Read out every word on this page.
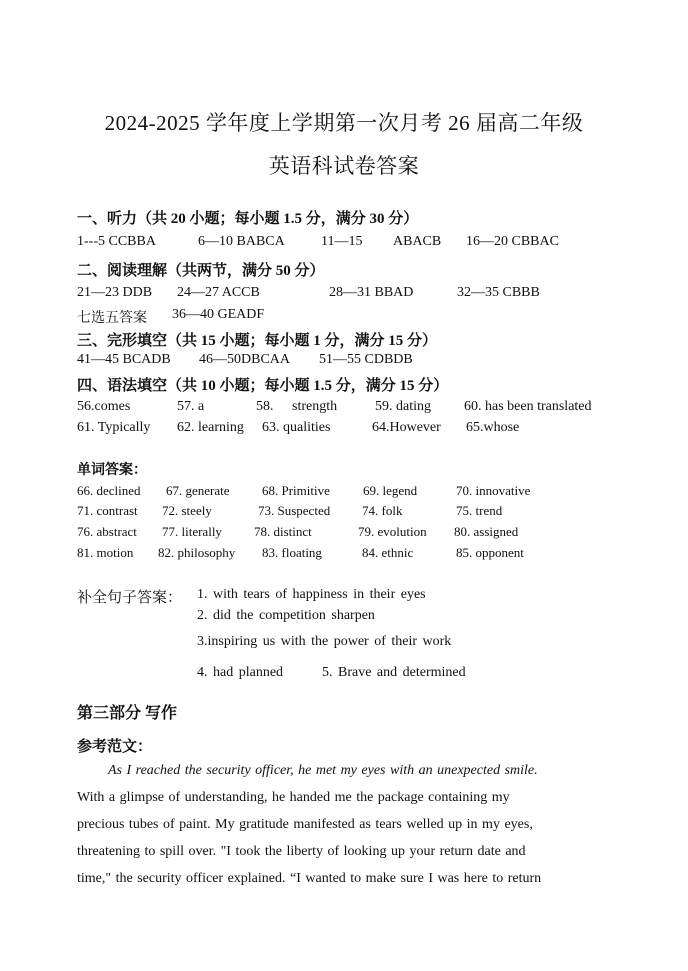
2024-2025 学年度上学期第一次月考 26 届高二年级
英语科试卷答案
一、听力（共 20 小题；每小题 1.5 分，满分 30 分）
1---5 CCBBA	6—10 BABCA	11—15 ABACB 16—20 CBBAC
二、阅读理解（共两节，满分 50 分）
21—23 DDB 24—27 ACCB	28—31 BBAD	32—35 CBBB
七选五答案 36—40 GEADF
三、完形填空（共 15 小题；每小题 1 分，满分 15 分）
41—45 BCADB 46—50DBCAA 51—55 CDBDB
四、语法填空（共 10 小题；每小题 1.5 分，满分 15 分）
56.comes	57. a	58. strength	59. dating 60. has been translated
61. Typically 62. learning 63. qualities	64.However 65.whose
单词答案：
66. declined 67. generate 68. Primitive	69. legend	70. innovative
71. contrast 72. steely	73. Suspected 74. folk	75. trend
76. abstract 77. literally 78. distinct	79. evolution 80. assigned
81. motion 82. philosophy 83. floating	84. ethnic	85. opponent
补全句子答案： 1. with tears of happiness in their eyes
2. did the competition sharpen
3.inspiring us with the power of their work
4. had planned	5. Brave and determined
第三部分 写作
参考范文：
As I reached the security officer, he met my eyes with an unexpected smile.
With a glimpse of understanding, he handed me the package containing my
precious tubes of paint. My gratitude manifested as tears welled up in my eyes,
threatening to spill over. "I took the liberty of looking up your return date and
time," the security officer explained. “I wanted to make sure I was here to return
